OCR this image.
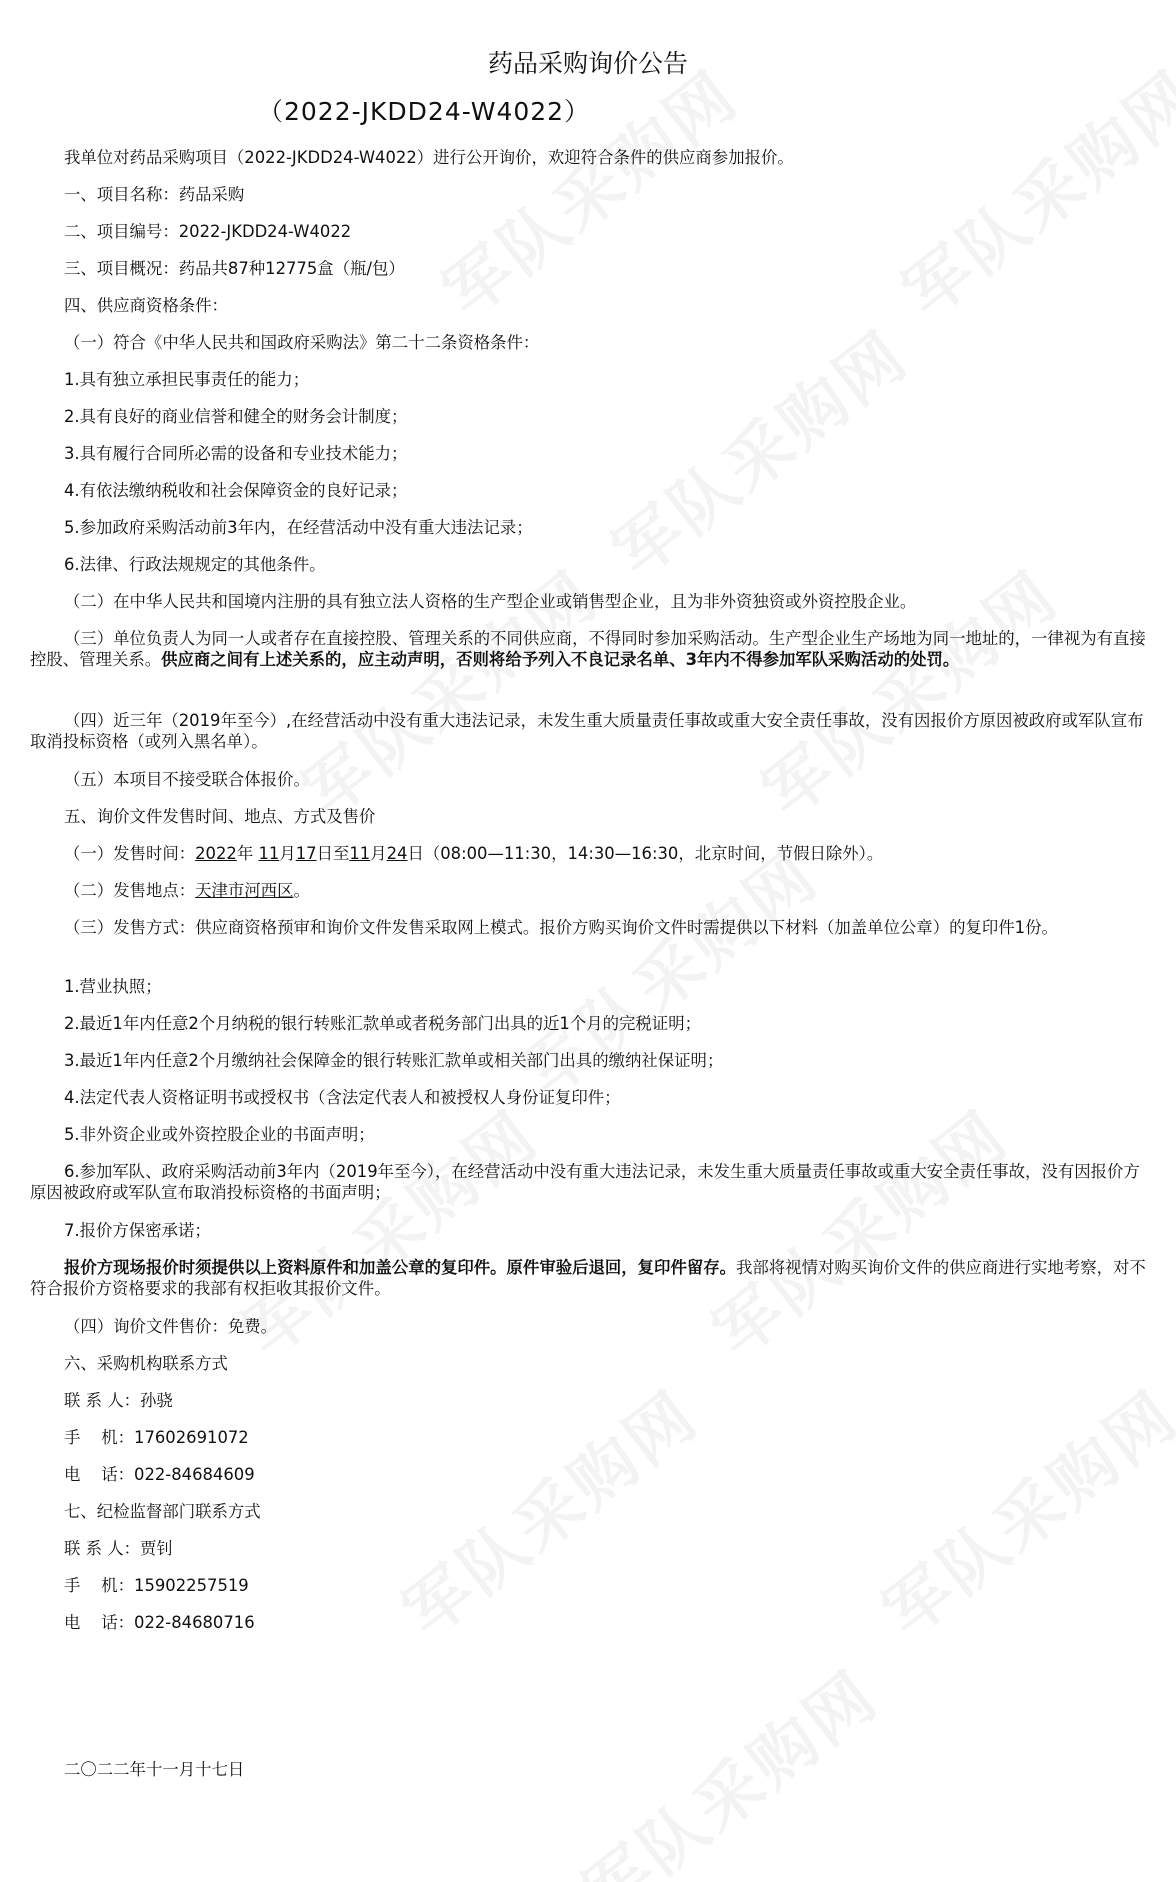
药品采购询价公告
（2022-JKDD24-W4022）
我单位对药品采购项目（2022-JKDD24-W4022）进行公开询价，欢迎符合条件的供应商参加报价。
一、项目名称：药品采购
二、项目编号：2022-JKDD24-W4022
三、项目概况：药品共87种12775盒（瓶/包）
四、供应商资格条件：
（一）符合《中华人民共和国政府采购法》第二十二条资格条件：
1.具有独立承担民事责任的能力；
2.具有良好的商业信誉和健全的财务会计制度；
3.具有履行合同所必需的设备和专业技术能力；
4.有依法缴纳税收和社会保障资金的良好记录；
5.参加政府采购活动前3年内，在经营活动中没有重大违法记录；
6.法律、行政法规规定的其他条件。
（二）在中华人民共和国境内注册的具有独立法人资格的生产型企业或销售型企业，且为非外资独资或外资控股企业。
（三）单位负责人为同一人或者存在直接控股、管理关系的不同供应商，不得同时参加采购活动。生产型企业生产场地为同一地址的，一律视为有直接控股、管理关系。供应商之间有上述关系的，应主动声明，否则将给予列入不良记录名单、3年内不得参加军队采购活动的处罚。
（四）近三年（2019年至今）,在经营活动中没有重大违法记录，未发生重大质量责任事故或重大安全责任事故，没有因报价方原因被政府或军队宣布取消投标资格（或列入黑名单）。
（五）本项目不接受联合体报价。
五、询价文件发售时间、地点、方式及售价
（一）发售时间：2022年 11月17日至11月24日（08:00—11:30，14:30—16:30，北京时间，节假日除外）。
（二）发售地点：天津市河西区。
（三）发售方式：供应商资格预审和询价文件发售采取网上模式。报价方购买询价文件时需提供以下材料（加盖单位公章）的复印件1份。
1.营业执照；
2.最近1年内任意2个月纳税的银行转账汇款单或者税务部门出具的近1个月的完税证明；
3.最近1年内任意2个月缴纳社会保障金的银行转账汇款单或相关部门出具的缴纳社保证明；
4.法定代表人资格证明书或授权书（含法定代表人和被授权人身份证复印件；
5.非外资企业或外资控股企业的书面声明；
6.参加军队、政府采购活动前3年内（2019年至今），在经营活动中没有重大违法记录，未发生重大质量责任事故或重大安全责任事故，没有因报价方原因被政府或军队宣布取消投标资格的书面声明；
7.报价方保密承诺；
报价方现场报价时须提供以上资料原件和加盖公章的复印件。原件审验后退回，复印件留存。我部将视情对购买询价文件的供应商进行实地考察，对不符合报价方资格要求的我部有权拒收其报价文件。
（四）询价文件售价：免费。
六、采购机构联系方式
联 系 人：孙骁
手    机：17602691072
电    话：022-84684609
七、纪检监督部门联系方式
联 系 人：贾钊
手    机：15902257519
电    话：022-84680716
二〇二二年十一月十七日
